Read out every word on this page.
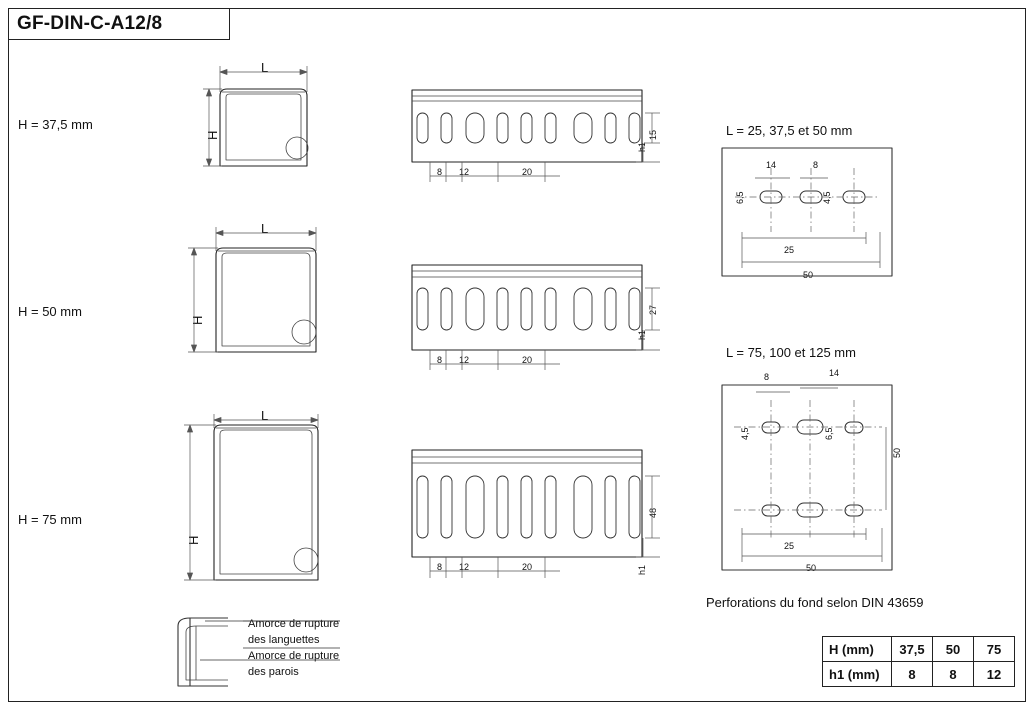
GF-DIN-C-A12/8
H = 37,5 mm
H = 50 mm
H = 75 mm
L = 25, 37,5 et 50 mm
L = 75, 100 et 125 mm
Perforations du fond selon DIN 43659
L
L
L
H
H
H
Amorce de rupture
des languettes
Amorce de rupture
des parois
8 12	20
15
h1
8 12	20
27
h1
8 12	20
48
h1
14	8
6,5	4,5
25
50
8	14
4,5	6,5
50
25
50
H (mm)	37,5	50	75
h1 (mm)	8	8	12
